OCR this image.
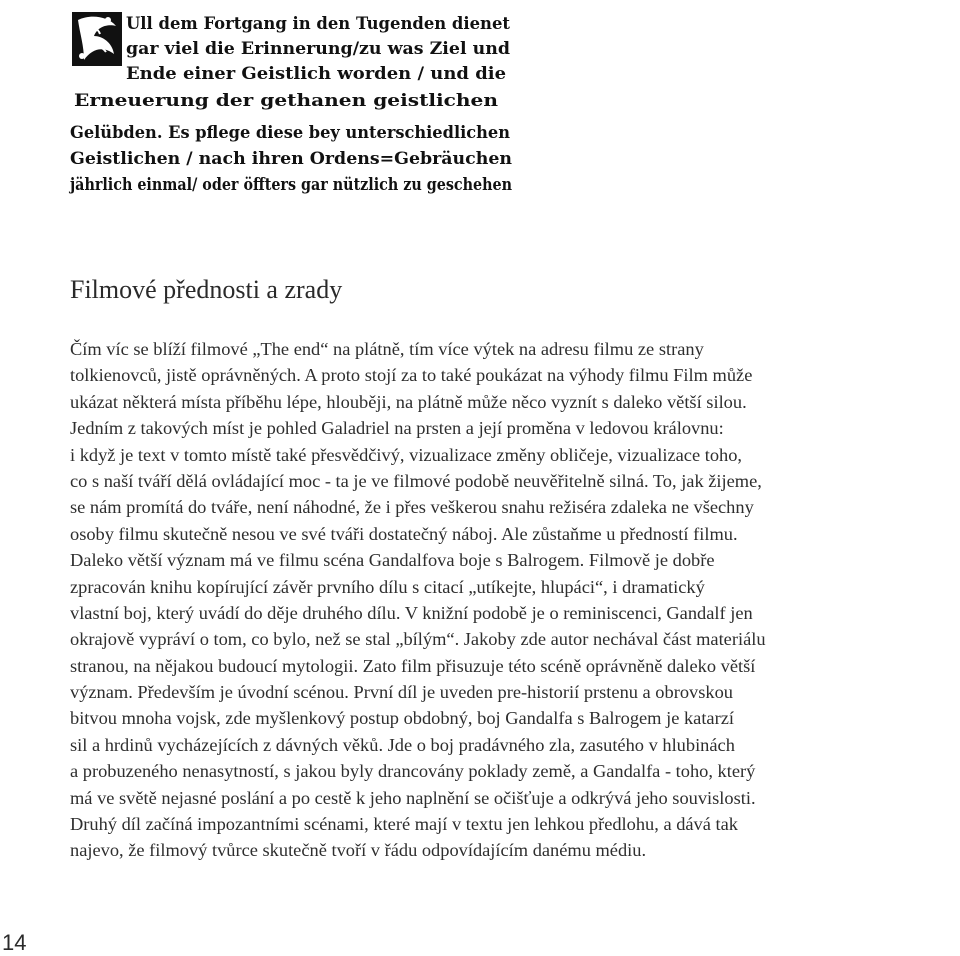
Ull dem Fortgang in den Tugenden dienet
gar viel die Erinnerung/zu was Ziel und
Ende einer Geistlich worden / und die
Erneuerung der gethanen geistlichen
Gelübden. Es pflege diese bey unterschiedlichen
Geistlichen / nach ihren Ordens=Gebräuchen
jährlich einmal/ oder öffters gar nützlich zu geschehen
Filmové přednosti a zrady
Čím víc se blíží filmové „The end“ na plátně, tím více výtek na adresu filmu ze strany
tolkienovců, jistě oprávněných. A proto stojí za to také poukázat na výhody filmu Film může
ukázat některá místa příběhu lépe, hlouběji, na plátně může něco vyznít s daleko větší silou.
Jedním z takových míst je pohled Galadriel na prsten a její proměna v ledovou královnu:
i když je text v tomto místě také přesvědčivý, vizualizace změny obličeje, vizualizace toho,
co s naší tváří dělá ovládající moc - ta je ve filmové podobě neuvěřitelně silná. To, jak žijeme,
se nám promítá do tváře, není náhodné, že i přes veškerou snahu režiséra zdaleka ne všechny
osoby filmu skutečně nesou ve své tváři dostatečný náboj. Ale zůstaňme u předností filmu.
Daleko větší význam má ve filmu scéna Gandalfova boje s Balrogem. Filmově je dobře
zpracován knihu kopírující závěr prvního dílu s citací „utíkejte, hlupáci“, i dramatický
vlastní boj, který uvádí do děje druhého dílu. V knižní podobě je o reminiscenci, Gandalf jen
okrajově vypráví o tom, co bylo, než se stal „bílým“. Jakoby zde autor nechával část materiálu
stranou, na nějakou budoucí mytologii. Zato film přisuzuje této scéně oprávněně daleko větší
význam. Především je úvodní scénou. První díl je uveden pre-historií prstenu a obrovskou
bitvou mnoha vojsk, zde myšlenkový postup obdobný, boj Gandalfa s Balrogem je katarzí
sil a hrdinů vycházejících z dávných věků. Jde o boj pradávného zla, zasutého v hlubinách
a probuzeného nenasytností, s jakou byly drancovány poklady země, a Gandalfa - toho, který
má ve světě nejasné poslání a po cestě k jeho naplnění se očišťuje a odkrývá jeho souvislosti.
Druhý díl začíná impozantními scénami, které mají v textu jen lehkou předlohu, a dává tak
najevo, že filmový tvůrce skutečně tvoří v řádu odpovídajícím danému médiu.
14
